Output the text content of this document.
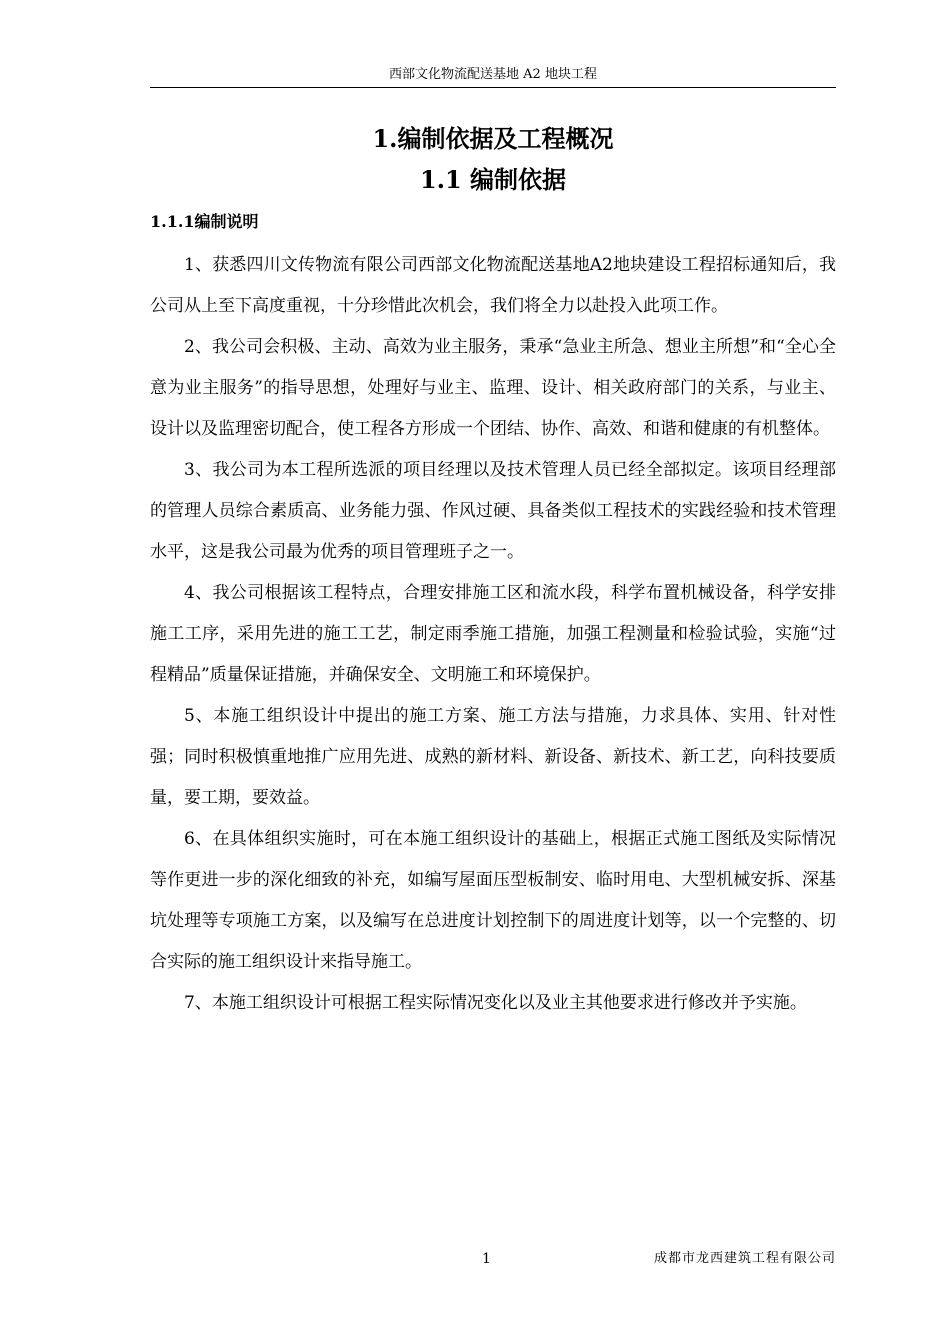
西部文化物流配送基地 A2 地块工程
1.编制依据及工程概况
1.1 编制依据
1.1.1编制说明

1、获悉四川文传物流有限公司西部文化物流配送基地A2地块建设工程招标通知后，我公司从上至下高度重视，十分珍惜此次机会，我们将全力以赴投入此项工作。

2、我公司会积极、主动、高效为业主服务，秉承“急业主所急、想业主所想”和“全心全意为业主服务”的指导思想，处理好与业主、监理、设计、相关政府部门的关系，与业主、设计以及监理密切配合，使工程各方形成一个团结、协作、高效、和谐和健康的有机整体。

3、我公司为本工程所选派的项目经理以及技术管理人员已经全部拟定。该项目经理部的管理人员综合素质高、业务能力强、作风过硬、具备类似工程技术的实践经验和技术管理水平，这是我公司最为优秀的项目管理班子之一。

4、我公司根据该工程特点，合理安排施工区和流水段，科学布置机械设备，科学安排施工工序，采用先进的施工工艺，制定雨季施工措施，加强工程测量和检验试验，实施“过程精品”质量保证措施，并确保安全、文明施工和环境保护。

5、本施工组织设计中提出的施工方案、施工方法与措施，力求具体、实用、针对性强；同时积极慎重地推广应用先进、成熟的新材料、新设备、新技术、新工艺，向科技要质量，要工期，要效益。

6、在具体组织实施时，可在本施工组织设计的基础上，根据正式施工图纸及实际情况等作更进一步的深化细致的补充，如编写屋面压型板制安、临时用电、大型机械安拆、深基坑处理等专项施工方案，以及编写在总进度计划控制下的周进度计划等，以一个完整的、切合实际的施工组织设计来指导施工。

7、本施工组织设计可根据工程实际情况变化以及业主其他要求进行修改并予实施。

1	成都市龙西建筑工程有限公司
